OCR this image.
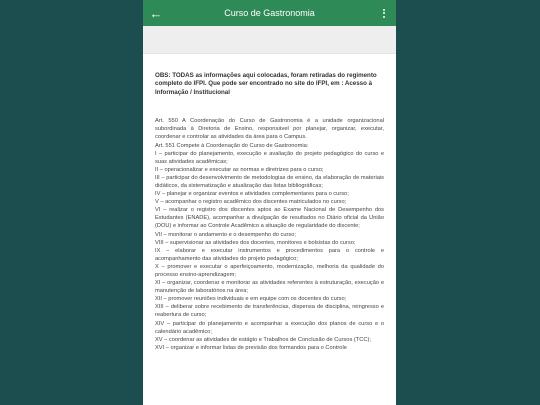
←	Curso de Gastronomia

OBS: TODAS as informações aqui colocadas, foram retiradas do regimento completo do IFPI. Que pode ser encontrado no site do IFPI, em : Acesso à Informação / Institucional

Art. 550 A Coordenação do Curso de Gastronomia é a unidade organizacional subordinada à Diretoria de Ensino, responsável por planejar, organizar, executar, coordenar e controlar as atividades da área para o Campus.

Art. 551 Compete à Coordenação do Curso de Gastronomia:

I – participar do planejamento, execução e avaliação do projeto pedagógico do curso e suas atividades acadêmicas;

II – operacionalizar e executar as normas e diretrizes para o curso;

III – participar do desenvolvimento de metodologias de ensino, da elaboração de materiais didáticos, da sistematização e atualização das listas bibliográficas;

IV – planejar e organizar eventos e atividades complementares para o curso;

V – acompanhar o registro acadêmico dos discentes matriculados no curso;

VI – realizar o registro dos discentes aptos ao Exame Nacional de Desempenho dos Estudantes (ENADE), acompanhar a divulgação de resultados no Diário oficial da União (DOU) e informar ao Controle Acadêmico a situação de regularidade do discente;

VII – monitorar o andamento e o desempenho do curso;

VIII – supervisionar as atividades dos docentes, monitores e bolsistas do curso;

IX – elaborar e executar instrumentos e procedimentos para o controle e acompanhamento das atividades do projeto pedagógico;

X – promover e executar o aperfeiçoamento, modernização, melhoria da qualidade do processo ensino-aprendizagem;

XI – organizar, coordenar e monitorar as atividades referentes à estruturação, execução e manutenção de laboratórios na área;

XII – promover reuniões individuais e em equipe com os docentes do curso;

XIII – deliberar sobre recebimento de transferências, dispensa de disciplina, reingresso e reabertura de curso;

XIV – participar do planejamento e acompanhar a execução dos planos de curso e o calendário acadêmico;

XV – coordenar as atividades de estágio e Trabalhos de Conclusão de Cursos (TCC);

XVI – organizar e informar listas de previsão dos formandos para o Controle
